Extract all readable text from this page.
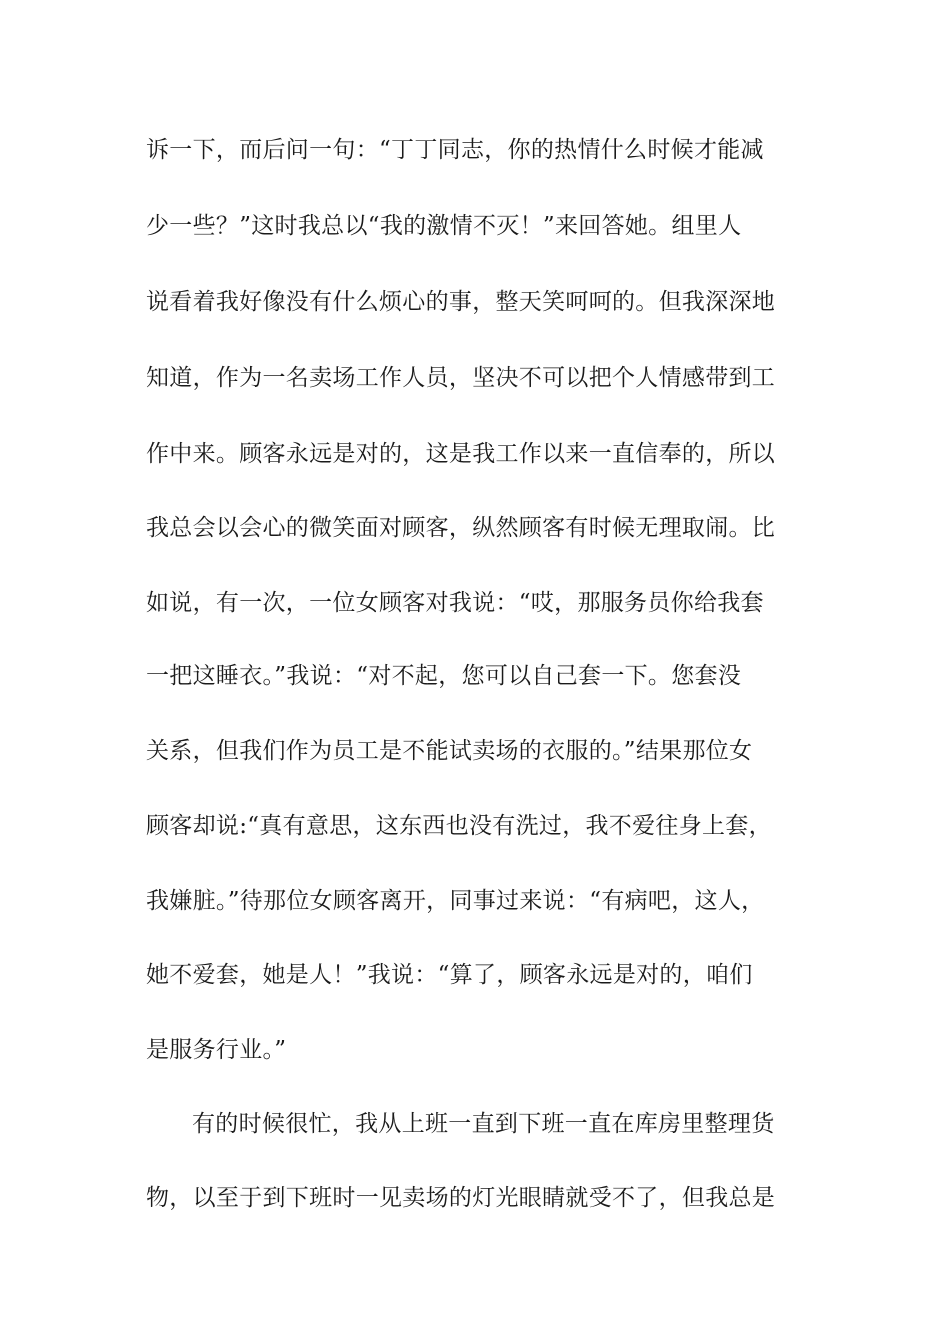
诉一下，而后问一句：“丁丁同志，你的热情什么时候才能减
少一些？”这时我总以“我的激情不灭！”来回答她。组里人
说看着我好像没有什么烦心的事，整天笑呵呵的。但我深深地
知道，作为一名卖场工作人员，坚决不可以把个人情感带到工
作中来。顾客永远是对的，这是我工作以来一直信奉的，所以
我总会以会心的微笑面对顾客，纵然顾客有时候无理取闹。比
如说，有一次，一位女顾客对我说：“哎，那服务员你给我套
一把这睡衣。”我说：“对不起，您可以自己套一下。您套没
关系，但我们作为员工是不能试卖场的衣服的。”结果那位女
顾客却说:“真有意思，这东西也没有洗过，我不爱往身上套，
我嫌脏。”待那位女顾客离开，同事过来说：“有病吧，这人，
她不爱套，她是人！”我说：“算了，顾客永远是对的，咱们
是服务行业。”
有的时候很忙，我从上班一直到下班一直在库房里整理货
物，以至于到下班时一见卖场的灯光眼睛就受不了，但我总是
